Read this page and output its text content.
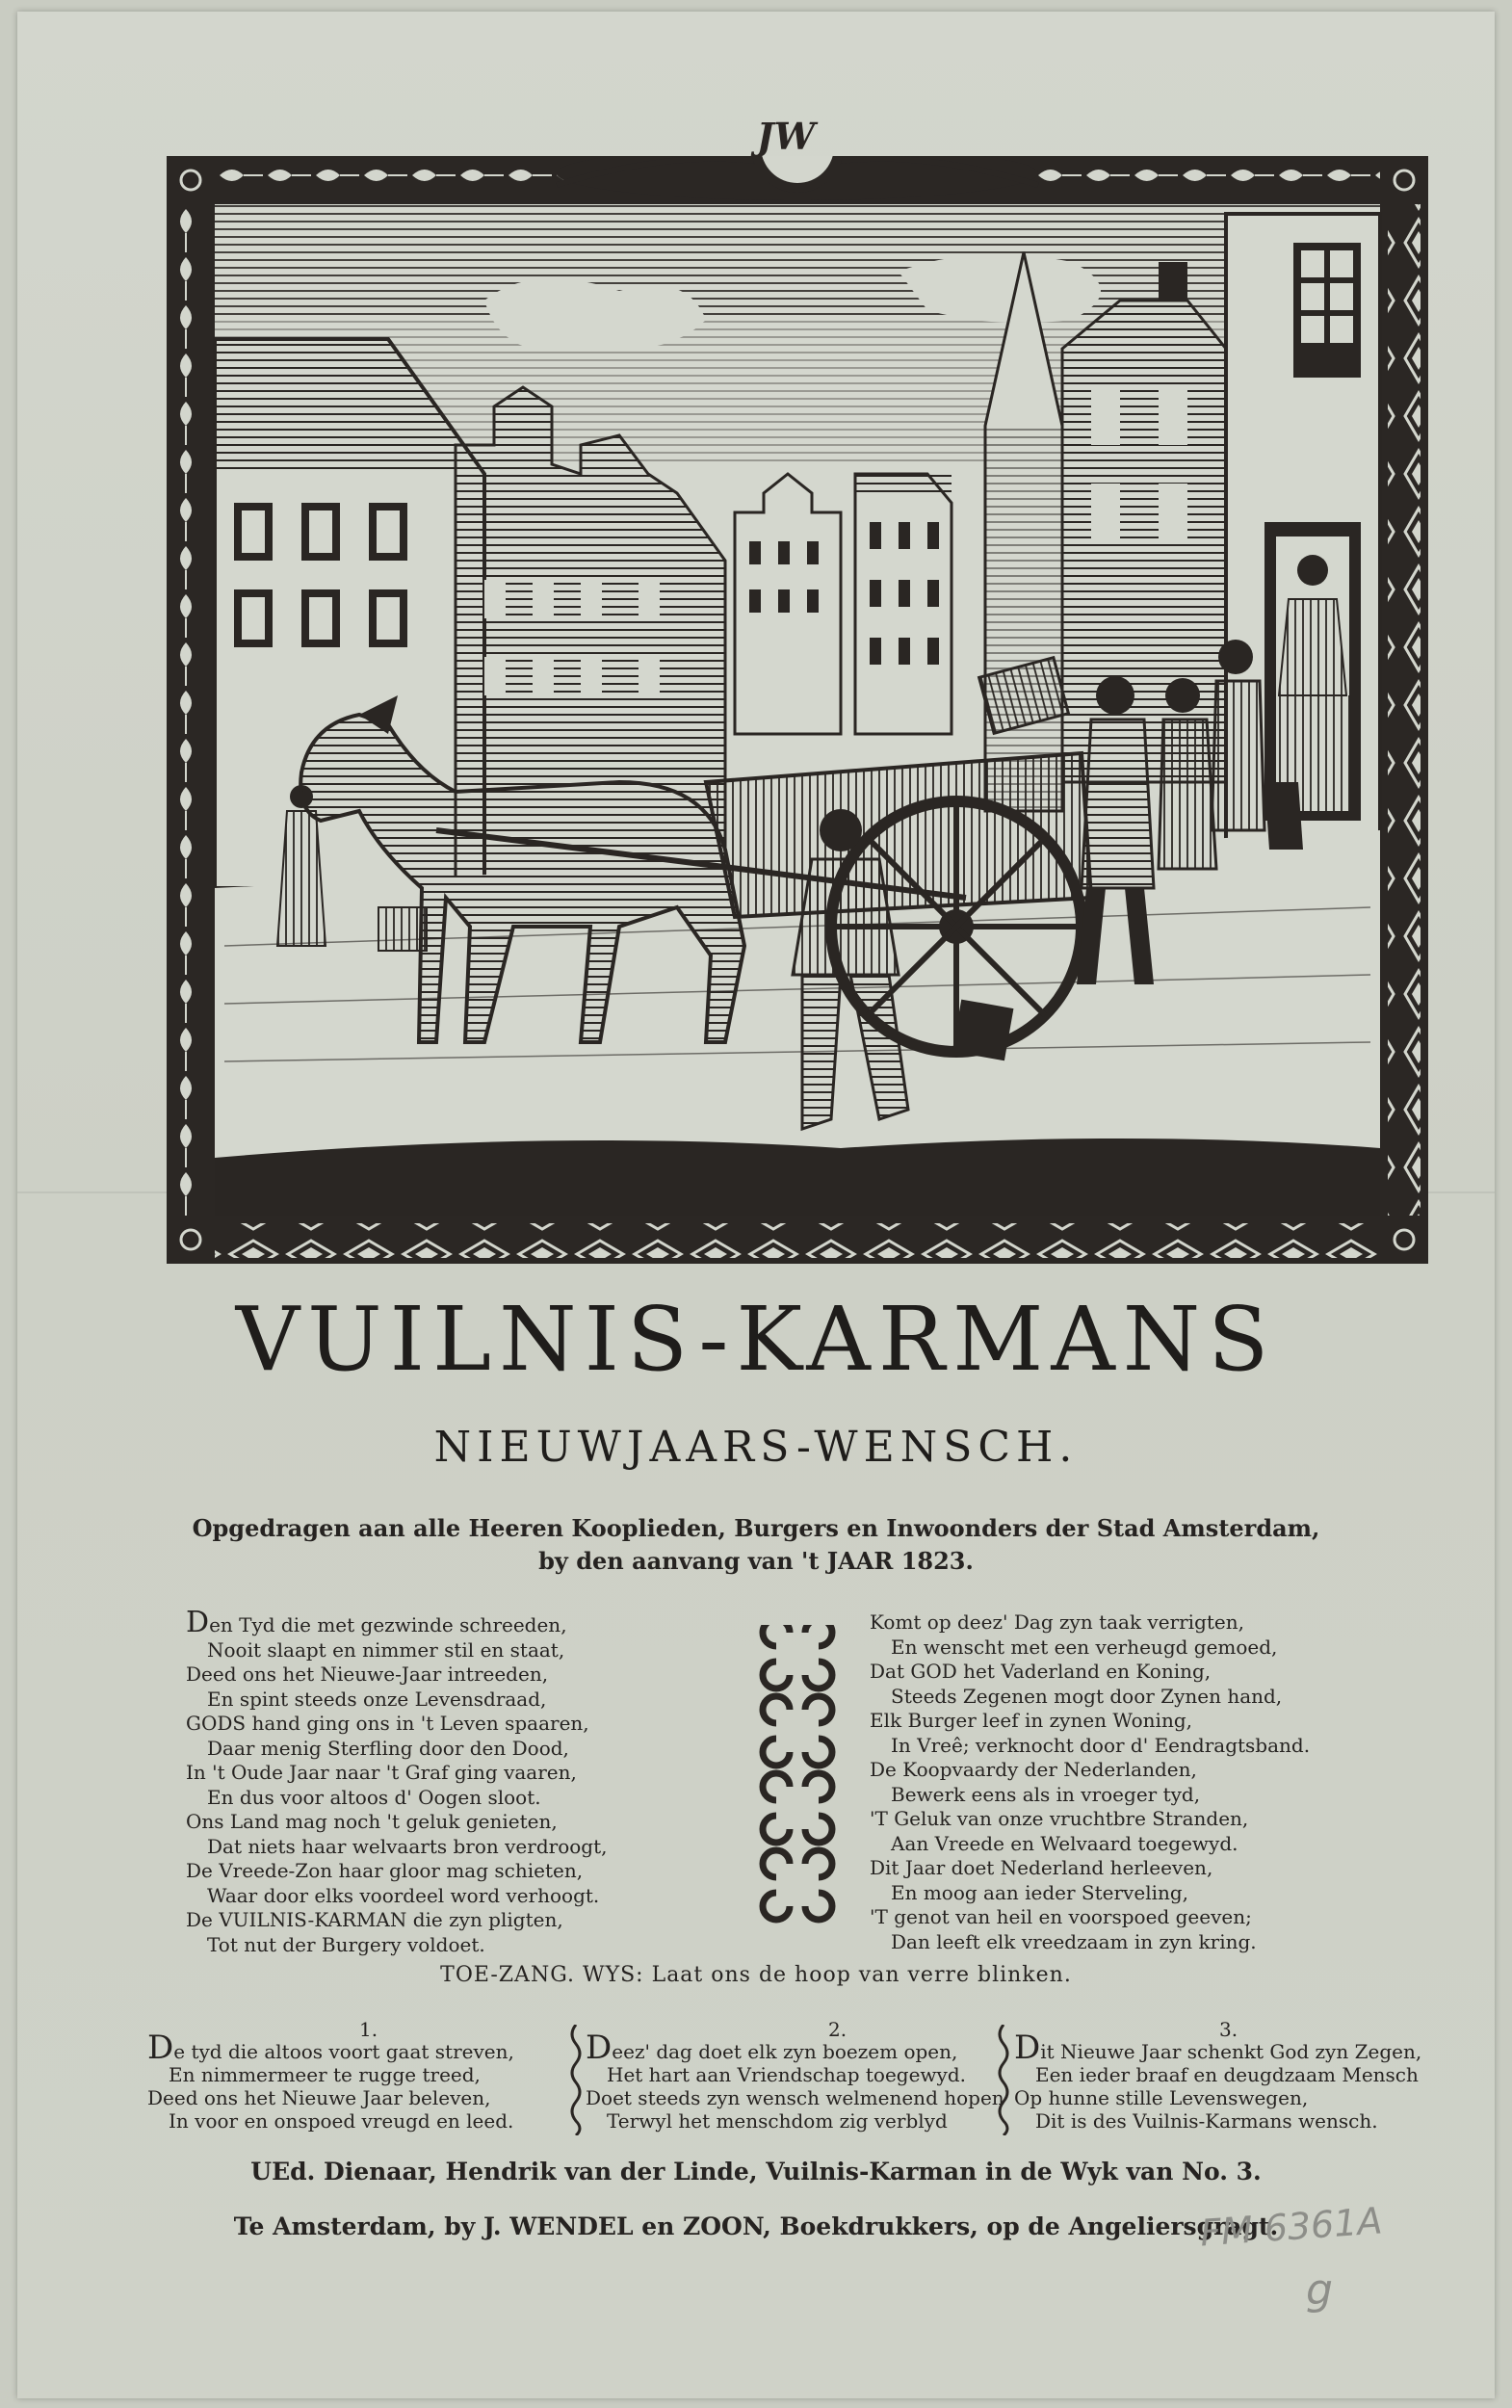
JW
VUILNIS-KARMANS
NIEUWJAARS-WENSCH.
Opgedragen aan alle Heeren Kooplieden, Burgers en Inwoonders der Stad Amsterdam,
by den aanvang van 't JAAR 1823.
Den Tyd die met gezwinde schreeden,
Nooit slaapt en nimmer stil en staat,
Deed ons het Nieuwe-Jaar intreeden,
En spint steeds onze Levensdraad,
GODS hand ging ons in 't Leven spaaren,
Daar menig Sterfling door den Dood,
In 't Oude Jaar naar 't Graf ging vaaren,
En dus voor altoos d' Oogen sloot.
Ons Land mag noch 't geluk genieten,
Dat niets haar welvaarts bron verdroogt,
De Vreede-Zon haar gloor mag schieten,
Waar door elks voordeel word verhoogt.
De VUILNIS-KARMAN die zyn pligten,
Tot nut der Burgery voldoet.
Komt op deez' Dag zyn taak verrigten,
En wenscht met een verheugd gemoed,
Dat GOD het Vaderland en Koning,
Steeds Zegenen mogt door Zynen hand,
Elk Burger leef in zynen Woning,
In Vreê; verknocht door d' Eendragtsband.
De Koopvaardy der Nederlanden,
Bewerk eens als in vroeger tyd,
'T Geluk van onze vruchtbre Stranden,
Aan Vreede en Welvaard toegewyd.
Dit Jaar doet Nederland herleeven,
En moog aan ieder Sterveling,
'T genot van heil en voorspoed geeven;
Dan leeft elk vreedzaam in zyn kring.
TOE-ZANG. WYS: Laat ons de hoop van verre blinken.
1.	2.	3.
De tyd die altoos voort gaat streven,
En nimmermeer te rugge treed,
Deed ons het Nieuwe Jaar beleven,
In voor en onspoed vreugd en leed.
Deez' dag doet elk zyn boezem open,
Het hart aan Vriendschap toegewyd.
Doet steeds zyn wensch welmenend hopen
Terwyl het menschdom zig verblyd
Dit Nieuwe Jaar schenkt God zyn Zegen,
Een ieder braaf en deugdzaam Mensch
Op hunne stille Levenswegen,
Dit is des Vuilnis-Karmans wensch.
UEd. Dienaar, Hendrik van der Linde, Vuilnis-Karman in de Wyk van No. 3.
Te Amsterdam, by J. WENDEL en ZOON, Boekdrukkers, op de Angeliersgragt.
FM 6361A
g
